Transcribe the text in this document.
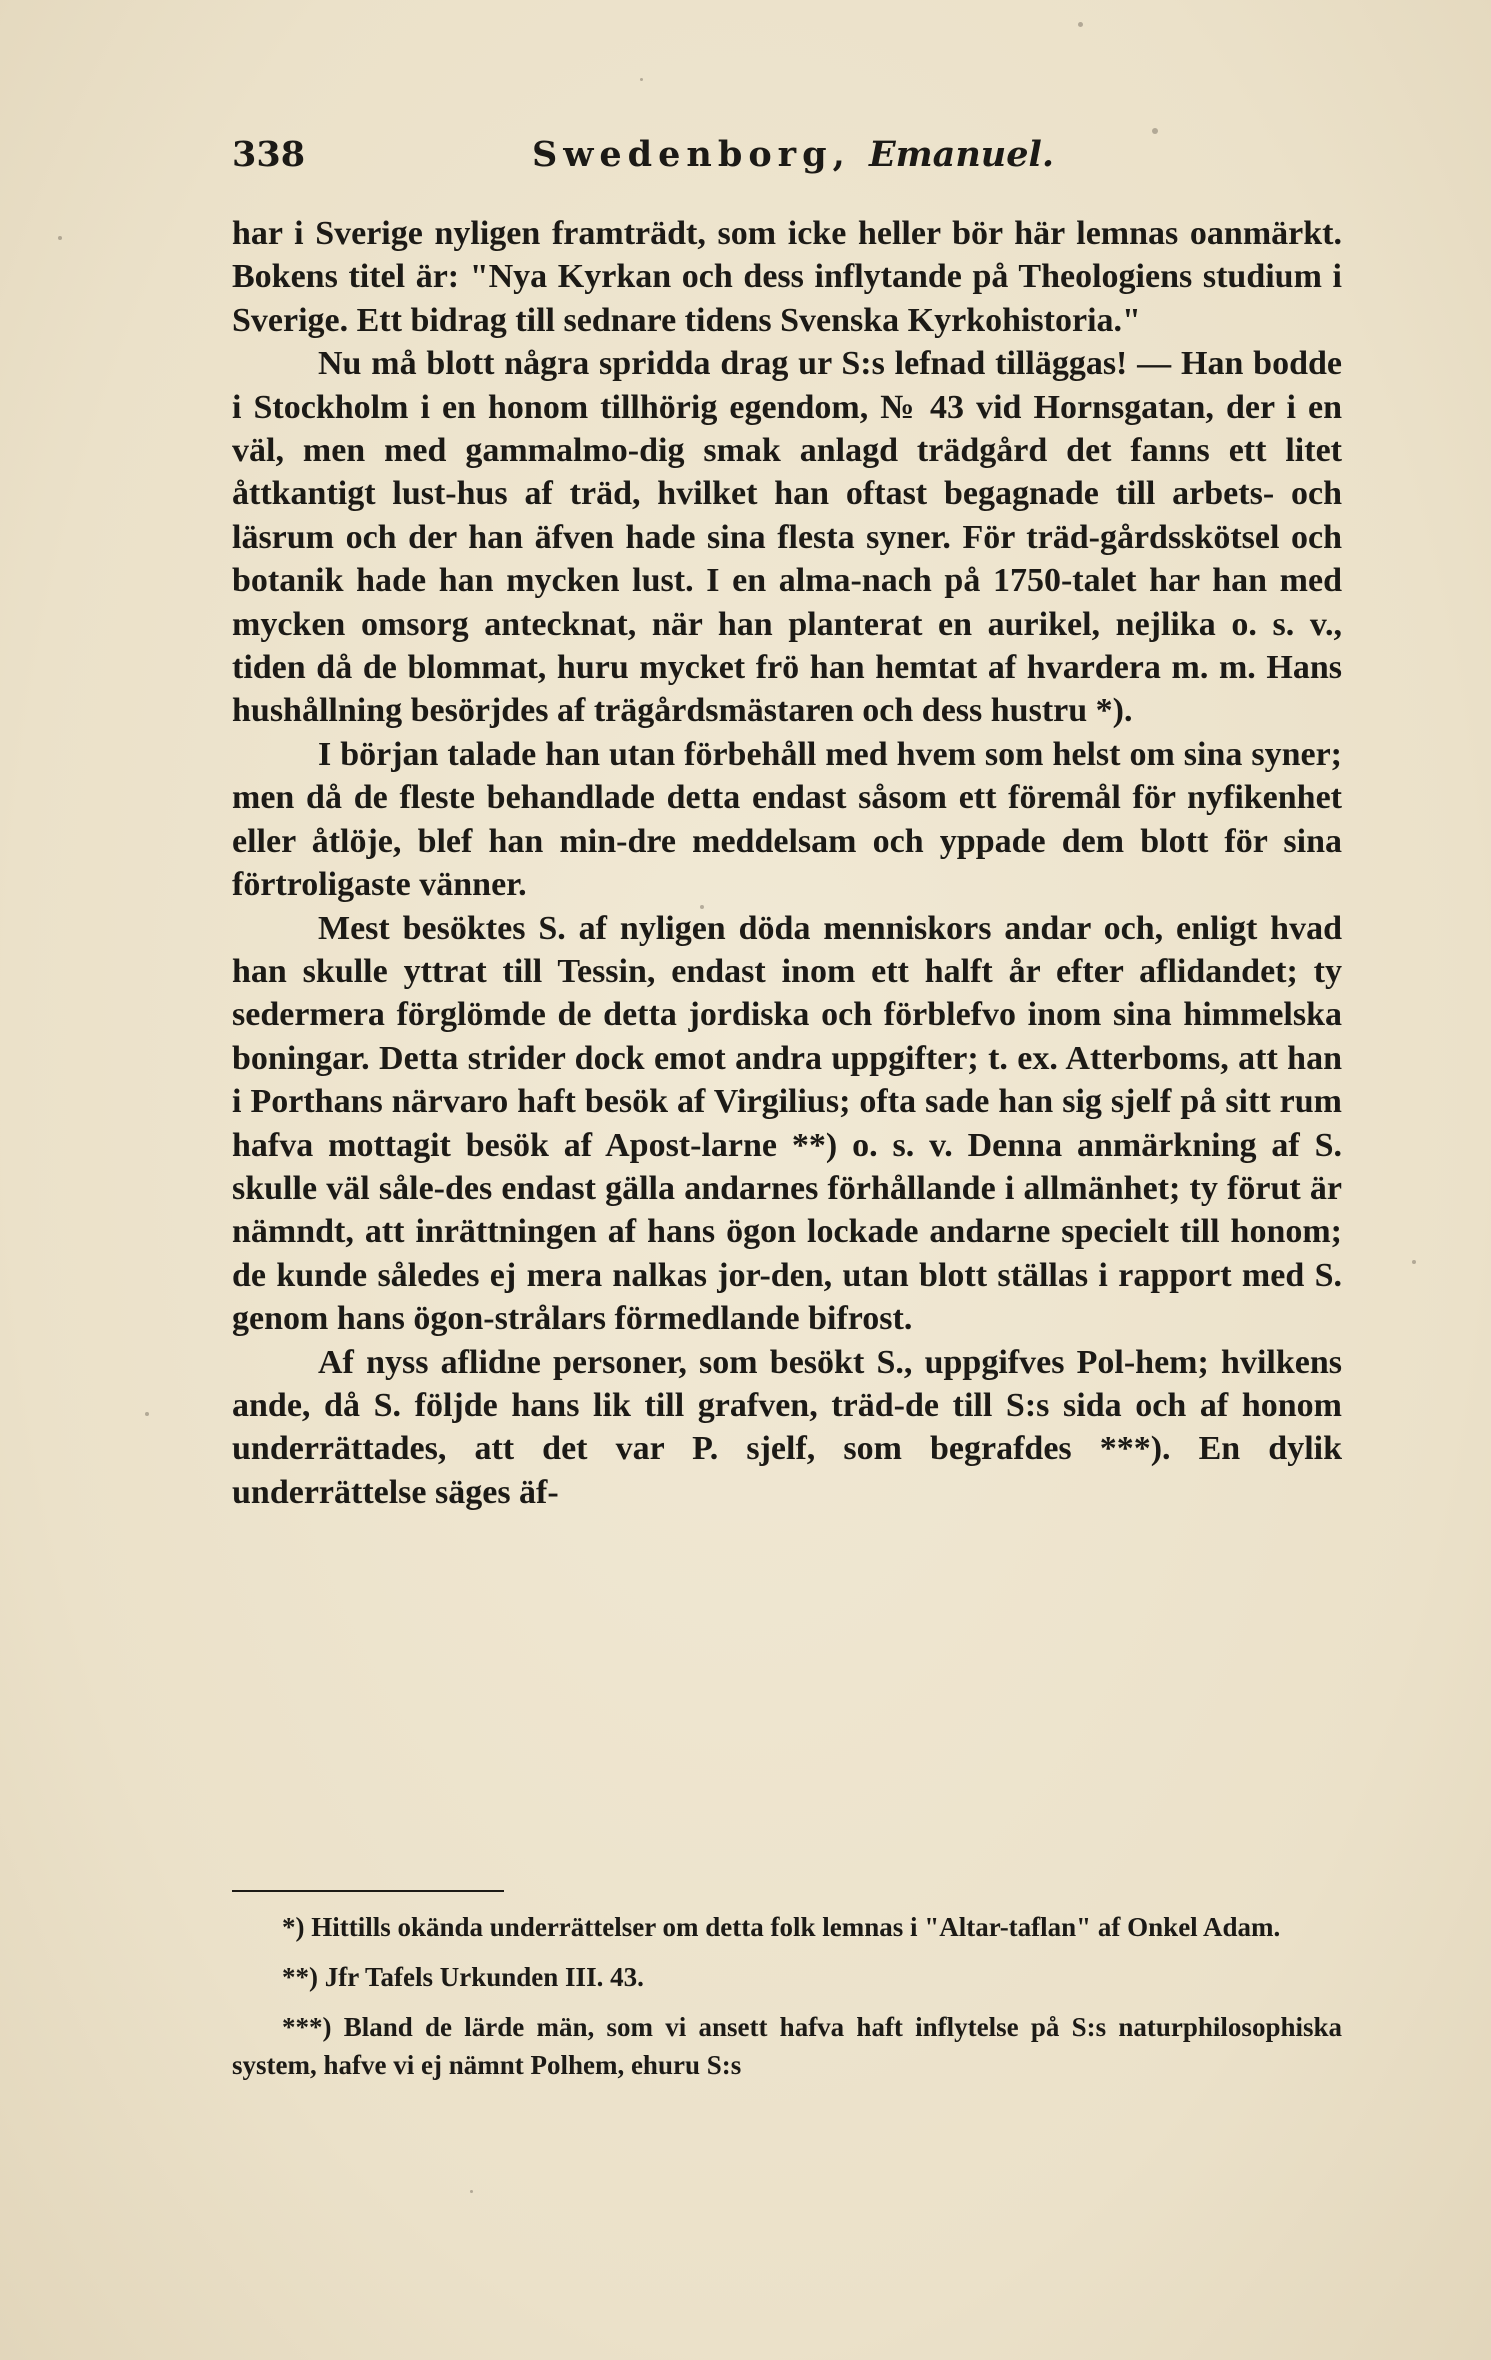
338	Swedenborg, Emanuel.

har i Sverige nyligen framträdt, som icke heller bör här lemnas oanmärkt. Bokens titel är: "Nya Kyrkan och dess inflytande på Theologiens studium i Sverige. Ett bidrag till sednare tidens Svenska Kyrkohistoria."

Nu må blott några spridda drag ur S:s lefnad tilläggas! — Han bodde i Stockholm i en honom tillhörig egendom, № 43 vid Hornsgatan, der i en väl, men med gammalmo-dig smak anlagd trädgård det fanns ett litet åttkantigt lust-hus af träd, hvilket han oftast begagnade till arbets- och läsrum och der han äfven hade sina flesta syner. För träd-gårdsskötsel och botanik hade han mycken lust. I en alma-nach på 1750-talet har han med mycken omsorg antecknat, när han planterat en aurikel, nejlika o. s. v., tiden då de blommat, huru mycket frö han hemtat af hvardera m. m. Hans hushållning besörjdes af trägårdsmästaren och dess hustru *).

I början talade han utan förbehåll med hvem som helst om sina syner; men då de fleste behandlade detta endast såsom ett föremål för nyfikenhet eller åtlöje, blef han min-dre meddelsam och yppade dem blott för sina förtroligaste vänner.

Mest besöktes S. af nyligen döda menniskors andar och, enligt hvad han skulle yttrat till Tessin, endast inom ett halft år efter aflidandet; ty sedermera förglömde de detta jordiska och förblefvo inom sina himmelska boningar. Detta strider dock emot andra uppgifter; t. ex. Atterboms, att han i Porthans närvaro haft besök af Virgilius; ofta sade han sig sjelf på sitt rum hafva mottagit besök af Apost-larne **) o. s. v. Denna anmärkning af S. skulle väl såle-des endast gälla andarnes förhållande i allmänhet; ty förut är nämndt, att inrättningen af hans ögon lockade andarne specielt till honom; de kunde således ej mera nalkas jor-den, utan blott ställas i rapport med S. genom hans ögon-strålars förmedlande bifrost.

Af nyss aflidne personer, som besökt S., uppgifves Pol-hem; hvilkens ande, då S. följde hans lik till grafven, träd-de till S:s sida och af honom underrättades, att det var P. sjelf, som begrafdes ***). En dylik underrättelse säges äf-

*) Hittills okända underrättelser om detta folk lemnas i "Altar-taflan" af Onkel Adam.

**) Jfr Tafels Urkunden III. 43.

***) Bland de lärde män, som vi ansett hafva haft inflytelse på S:s naturphilosophiska system, hafve vi ej nämnt Polhem, ehuru S:s
